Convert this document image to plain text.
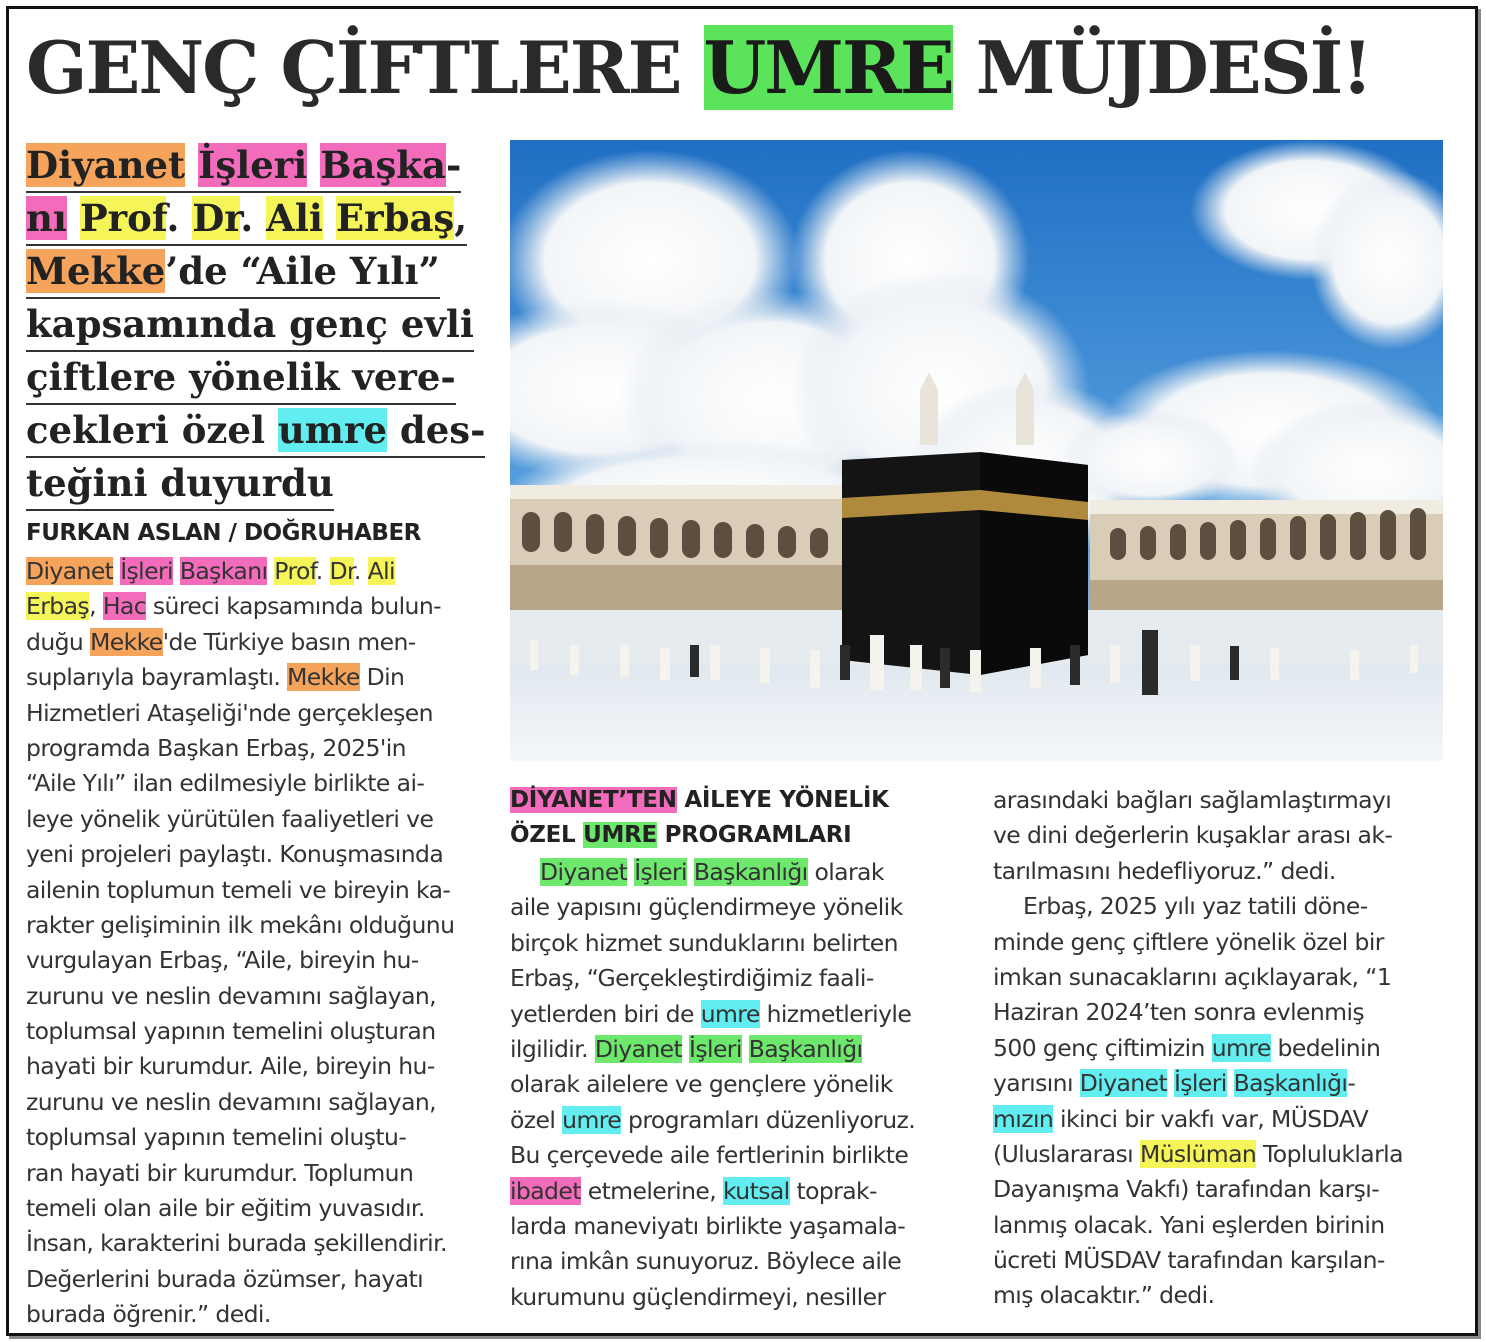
GENÇ ÇİFTLERE UMRE MÜJDESİ!
Diyanet İşleri Başka-
nı Prof. Dr. Ali Erbaş,
Mekke’de “Aile Yılı”
kapsamında genç evli
çiftlere yönelik vere-
cekleri özel umre des-
teğini duyurdu
FURKAN ASLAN / DOĞRUHABER
Diyanet İşleri Başkanı Prof. Dr. Ali
Erbaş, Hac süreci kapsamında bulun-
duğu Mekke'de Türkiye basın men-
suplarıyla bayramlaştı. Mekke Din
Hizmetleri Ataşeliği'nde gerçekleşen
programda Başkan Erbaş, 2025'in
“Aile Yılı” ilan edilmesiyle birlikte ai-
leye yönelik yürütülen faaliyetleri ve
yeni projeleri paylaştı. Konuşmasında
ailenin toplumun temeli ve bireyin ka-
rakter gelişiminin ilk mekânı olduğunu
vurgulayan Erbaş, “Aile, bireyin hu-
zurunu ve neslin devamını sağlayan,
toplumsal yapının temelini oluşturan
hayati bir kurumdur. Aile, bireyin hu-
zurunu ve neslin devamını sağlayan,
toplumsal yapının temelini oluştu-
ran hayati bir kurumdur. Toplumun
temeli olan aile bir eğitim yuvasıdır.
İnsan, karakterini burada şekillendirir.
Değerlerini burada özümser, hayatı
burada öğrenir.” dedi.
DİYANET’TEN AİLEYE YÖNELİK
ÖZEL UMRE PROGRAMLARI
Diyanet İşleri Başkanlığı olarak
aile yapısını güçlendirmeye yönelik
birçok hizmet sunduklarını belirten
Erbaş, “Gerçekleştirdiğimiz faali-
yetlerden biri de umre hizmetleriyle
ilgilidir. Diyanet İşleri Başkanlığı
olarak ailelere ve gençlere yönelik
özel umre programları düzenliyoruz.
Bu çerçevede aile fertlerinin birlikte
ibadet etmelerine, kutsal toprak-
larda maneviyatı birlikte yaşamala-
rına imkân sunuyoruz. Böylece aile
kurumunu güçlendirmeyi, nesiller
arasındaki bağları sağlamlaştırmayı
ve dini değerlerin kuşaklar arası ak-
tarılmasını hedefliyoruz.” dedi.
Erbaş, 2025 yılı yaz tatili döne-
minde genç çiftlere yönelik özel bir
imkan sunacaklarını açıklayarak, “1
Haziran 2024’ten sonra evlenmiş
500 genç çiftimizin umre bedelinin
yarısını Diyanet İşleri Başkanlığı-
mızın ikinci bir vakfı var, MÜSDAV
(Uluslararası Müslüman Topluluklarla
Dayanışma Vakfı) tarafından karşı-
lanmış olacak. Yani eşlerden birinin
ücreti MÜSDAV tarafından karşılan-
mış olacaktır.” dedi.
